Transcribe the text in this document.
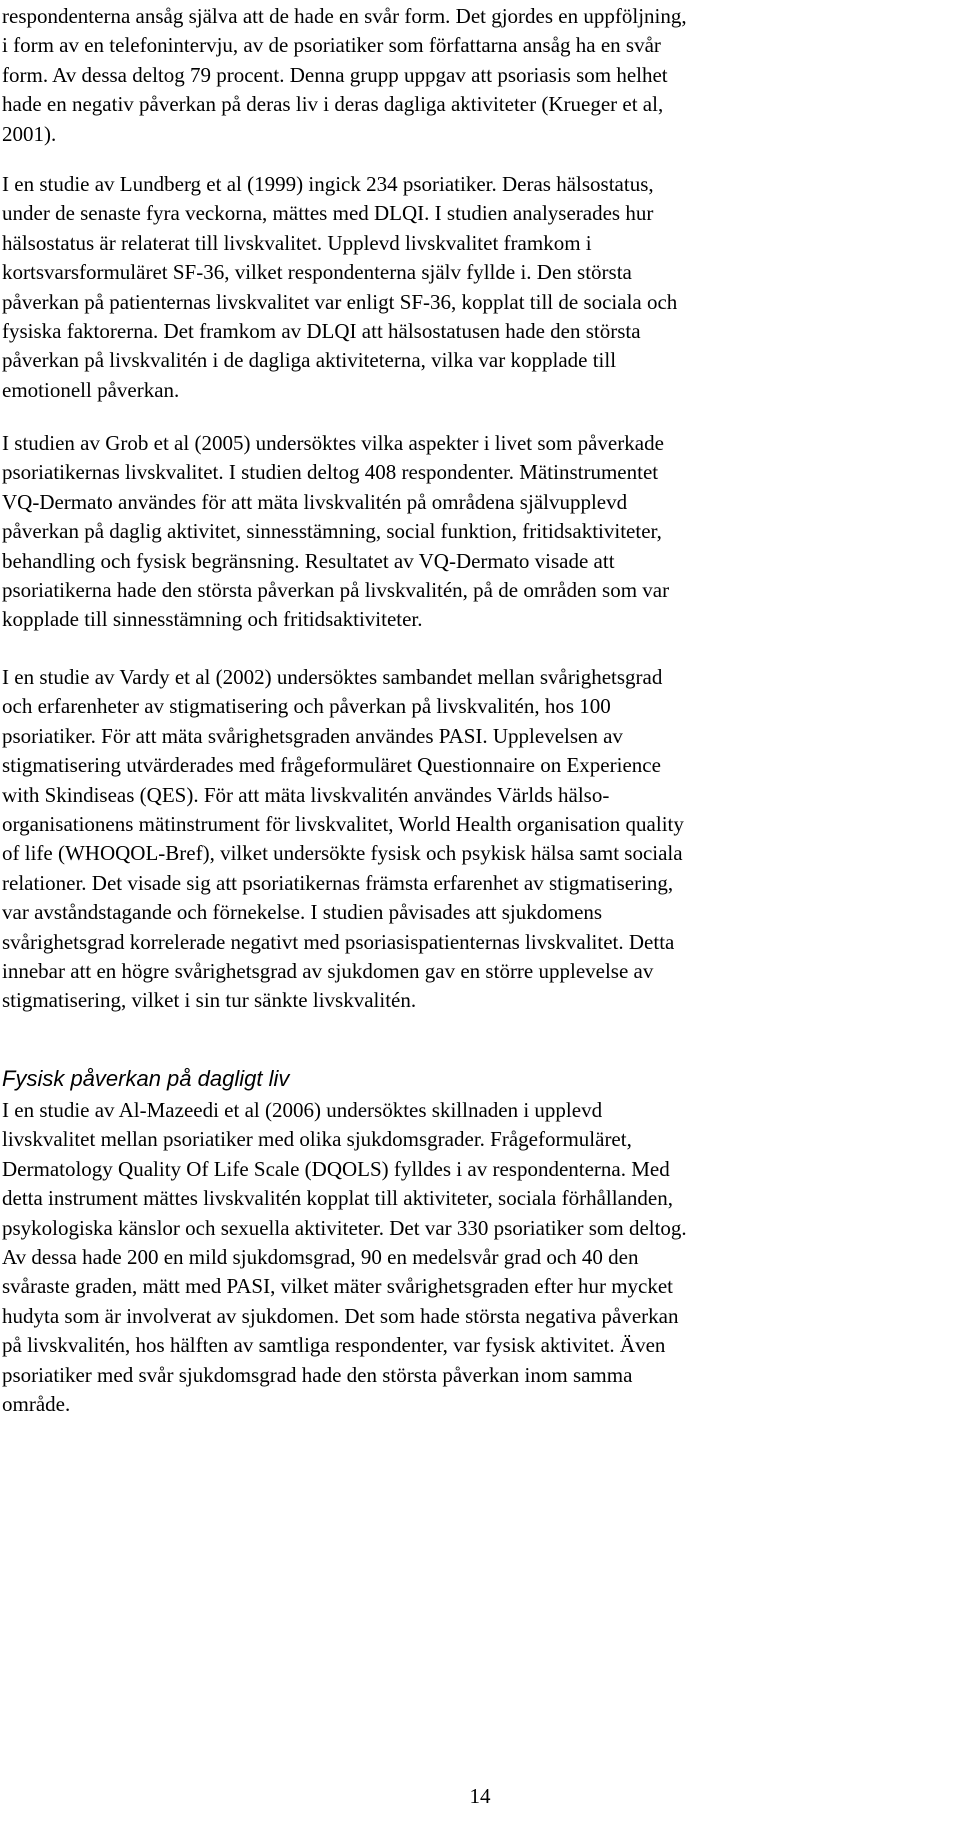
respondenterna ansåg själva att de hade en svår form. Det gjordes en uppföljning,
i form av en telefonintervju, av de psoriatiker som författarna ansåg ha en svår
form. Av dessa deltog 79 procent. Denna grupp uppgav att psoriasis som helhet
hade en negativ påverkan på deras liv i deras dagliga aktiviteter (Krueger et al,
2001).

I en studie av Lundberg et al (1999) ingick 234 psoriatiker. Deras hälsostatus,
under de senaste fyra veckorna, mättes med DLQI. I studien analyserades hur
hälsostatus är relaterat till livskvalitet. Upplevd livskvalitet framkom i
kortsvarsformuläret SF-36, vilket respondenterna själv fyllde i. Den största
påverkan på patienternas livskvalitet var enligt SF-36, kopplat till de sociala och
fysiska faktorerna. Det framkom av DLQI att hälsostatusen hade den största
påverkan på livskvalitén i de dagliga aktiviteterna, vilka var kopplade till
emotionell påverkan.

I studien av Grob et al (2005) undersöktes vilka aspekter i livet som påverkade
psoriatikernas livskvalitet. I studien deltog 408 respondenter. Mätinstrumentet
VQ-Dermato användes för att mäta livskvalitén på områdena självupplevd
påverkan på daglig aktivitet, sinnesstämning, social funktion, fritidsaktiviteter,
behandling och fysisk begränsning. Resultatet av VQ-Dermato visade att
psoriatikerna hade den största påverkan på livskvalitén, på de områden som var
kopplade till sinnesstämning och fritidsaktiviteter.

I en studie av Vardy et al (2002) undersöktes sambandet mellan svårighetsgrad
och erfarenheter av stigmatisering och påverkan på livskvalitén, hos 100
psoriatiker. För att mäta svårighetsgraden användes PASI. Upplevelsen av
stigmatisering utvärderades med frågeformuläret Questionnaire on Experience
with Skindiseas (QES). För att mäta livskvalitén användes Världs hälso-
organisationens mätinstrument för livskvalitet, World Health organisation quality
of life (WHOQOL-Bref), vilket undersökte fysisk och psykisk hälsa samt sociala
relationer. Det visade sig att psoriatikernas främsta erfarenhet av stigmatisering,
var avståndstagande och förnekelse. I studien påvisades att sjukdomens
svårighetsgrad korrelerade negativt med psoriasispatienternas livskvalitet. Detta
innebar att en högre svårighetsgrad av sjukdomen gav en större upplevelse av
stigmatisering, vilket i sin tur sänkte livskvalitén.

Fysisk påverkan på dagligt liv

I en studie av Al-Mazeedi et al (2006) undersöktes skillnaden i upplevd
livskvalitet mellan psoriatiker med olika sjukdomsgrader. Frågeformuläret,
Dermatology Quality Of Life Scale (DQOLS) fylldes i av respondenterna. Med
detta instrument mättes livskvalitén kopplat till aktiviteter, sociala förhållanden,
psykologiska känslor och sexuella aktiviteter. Det var 330 psoriatiker som deltog.
Av dessa hade 200 en mild sjukdomsgrad, 90 en medelsvår grad och 40 den
svåraste graden, mätt med PASI, vilket mäter svårighetsgraden efter hur mycket
hudyta som är involverat av sjukdomen. Det som hade största negativa påverkan
på livskvalitén, hos hälften av samtliga respondenter, var fysisk aktivitet. Även
psoriatiker med svår sjukdomsgrad hade den största påverkan inom samma
område.

14
